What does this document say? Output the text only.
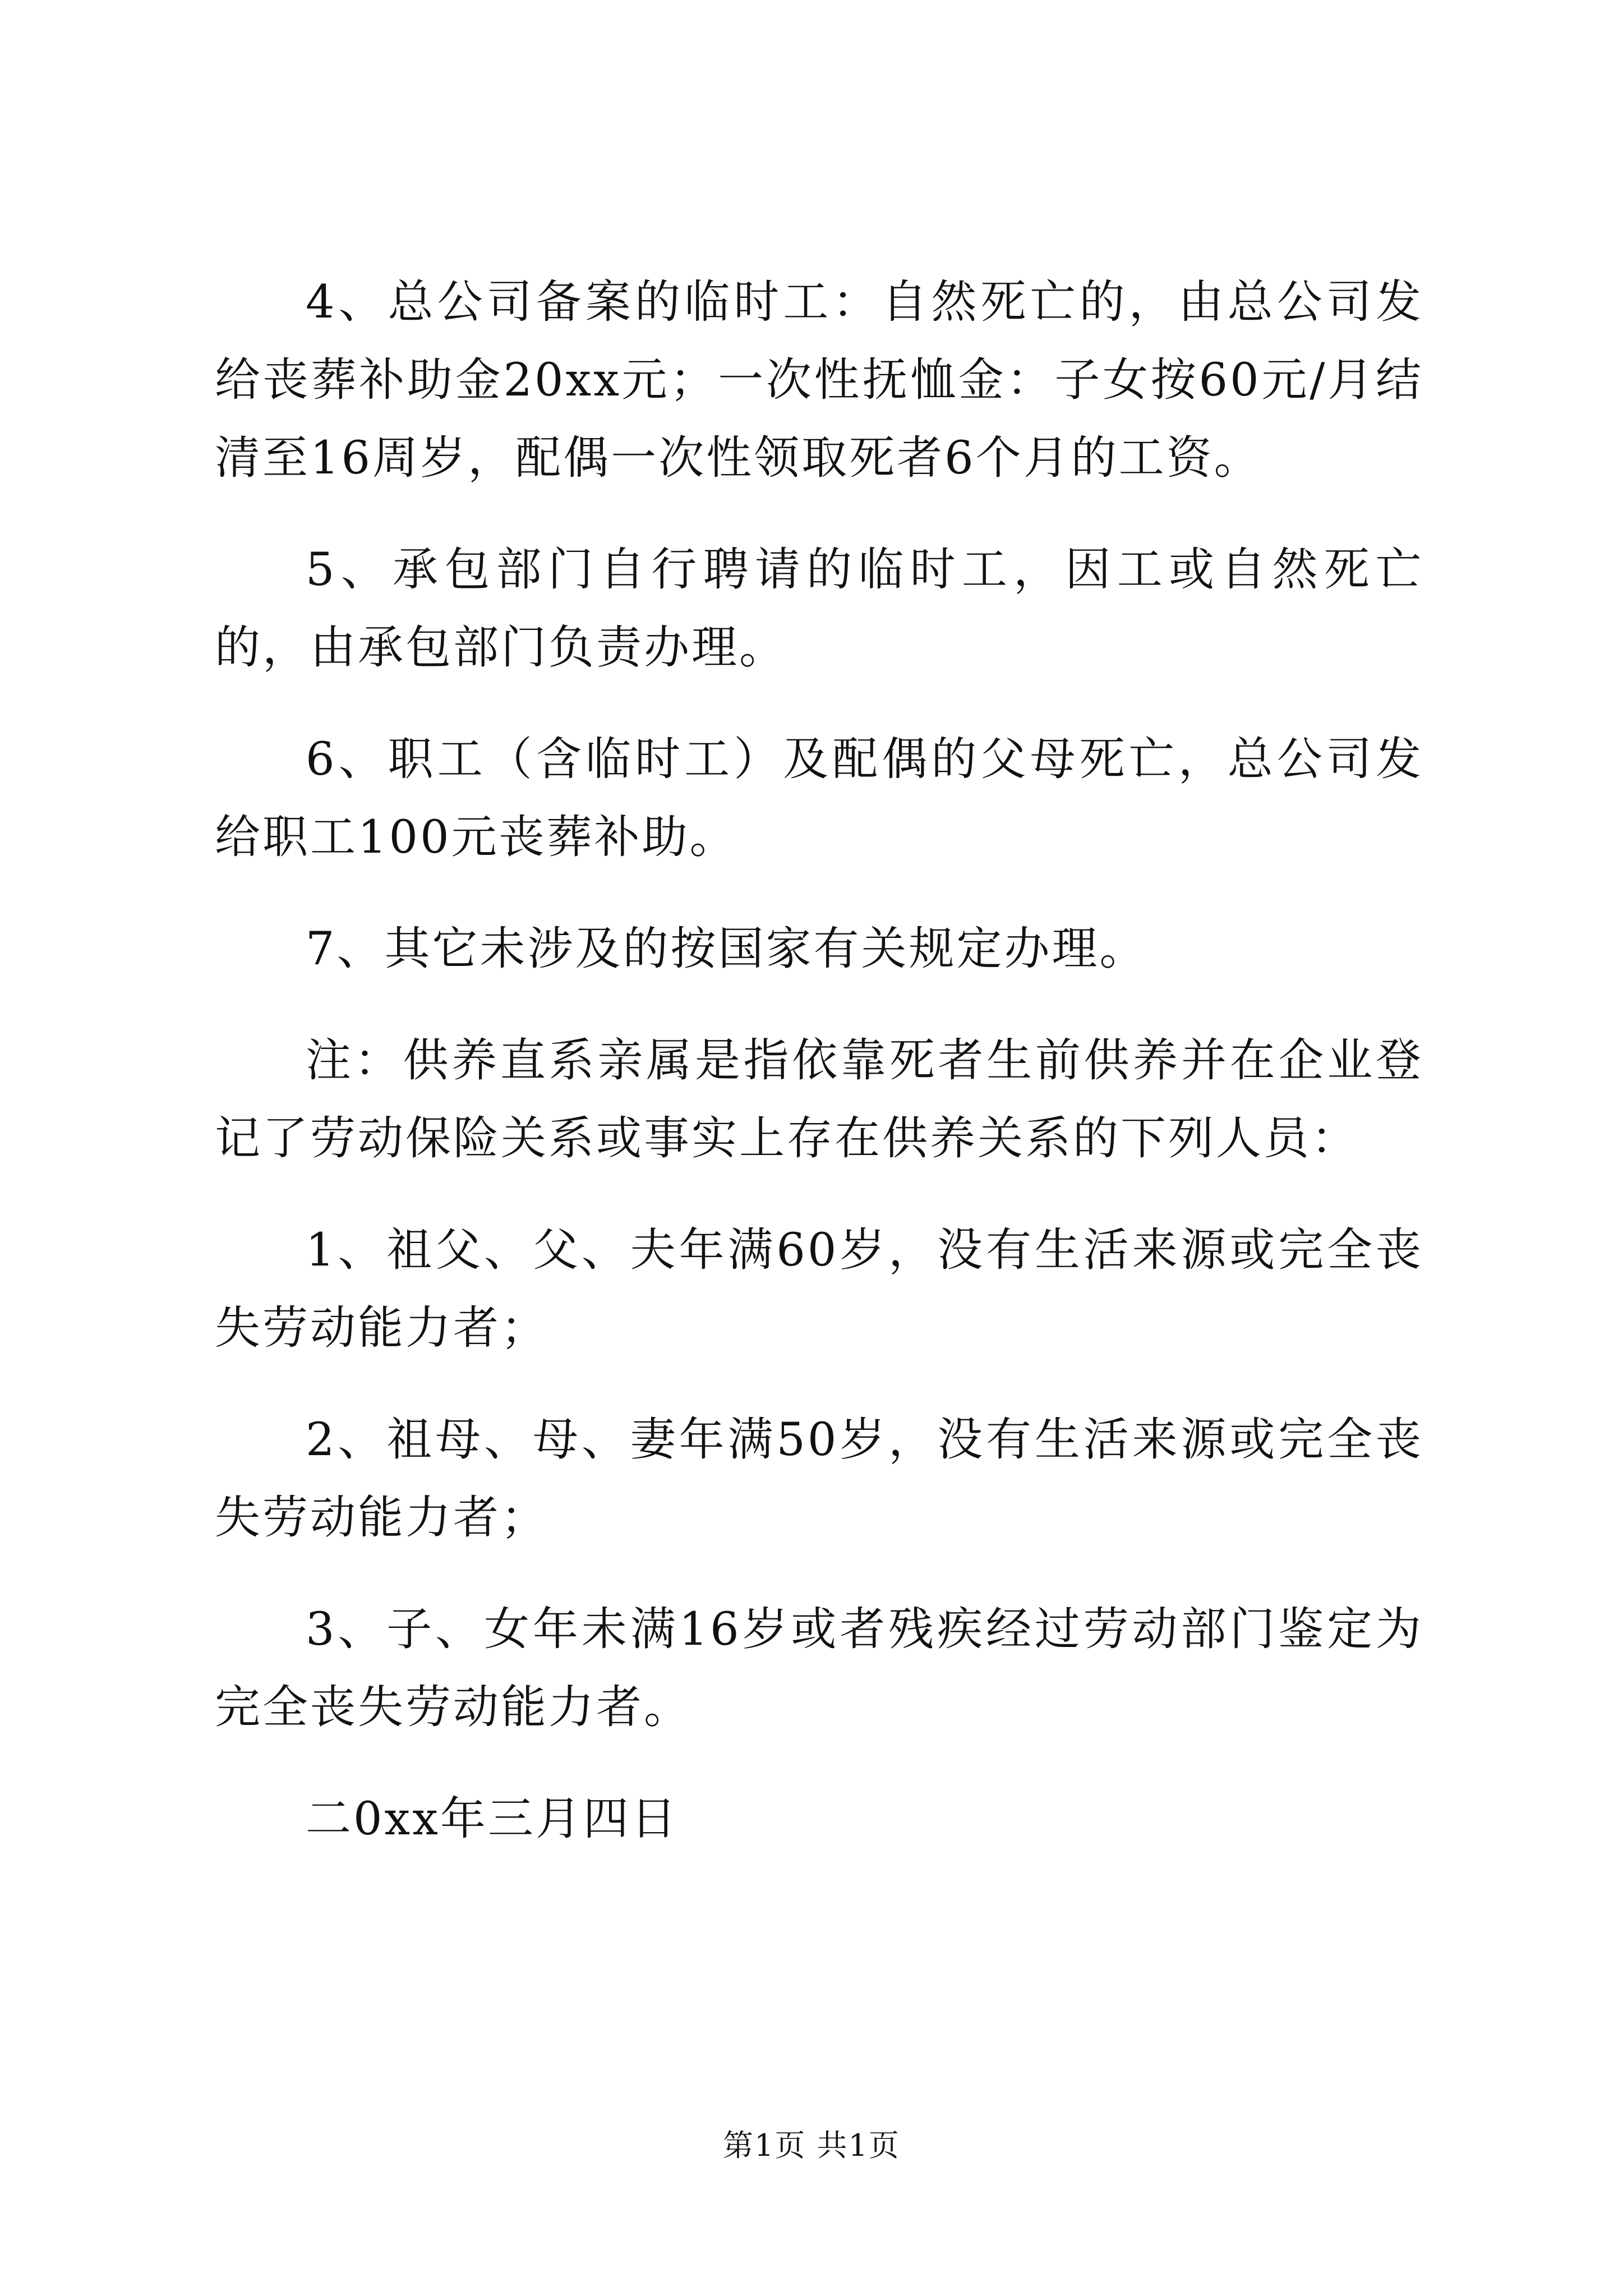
4、总公司备案的临时工：自然死亡的，由总公司发给丧葬补助金20xx元；一次性抚恤金：子女按60元/月结清至16周岁，配偶一次性领取死者6个月的工资。

5、承包部门自行聘请的临时工，因工或自然死亡的，由承包部门负责办理。

6、职工（含临时工）及配偶的父母死亡，总公司发给职工100元丧葬补助。

7、其它未涉及的按国家有关规定办理。

注：供养直系亲属是指依靠死者生前供养并在企业登记了劳动保险关系或事实上存在供养关系的下列人员：

1、祖父、父、夫年满60岁，没有生活来源或完全丧失劳动能力者；

2、祖母、母、妻年满50岁，没有生活来源或完全丧失劳动能力者；

3、子、女年未满16岁或者残疾经过劳动部门鉴定为完全丧失劳动能力者。

二0xx年三月四日

第1页 共1页
